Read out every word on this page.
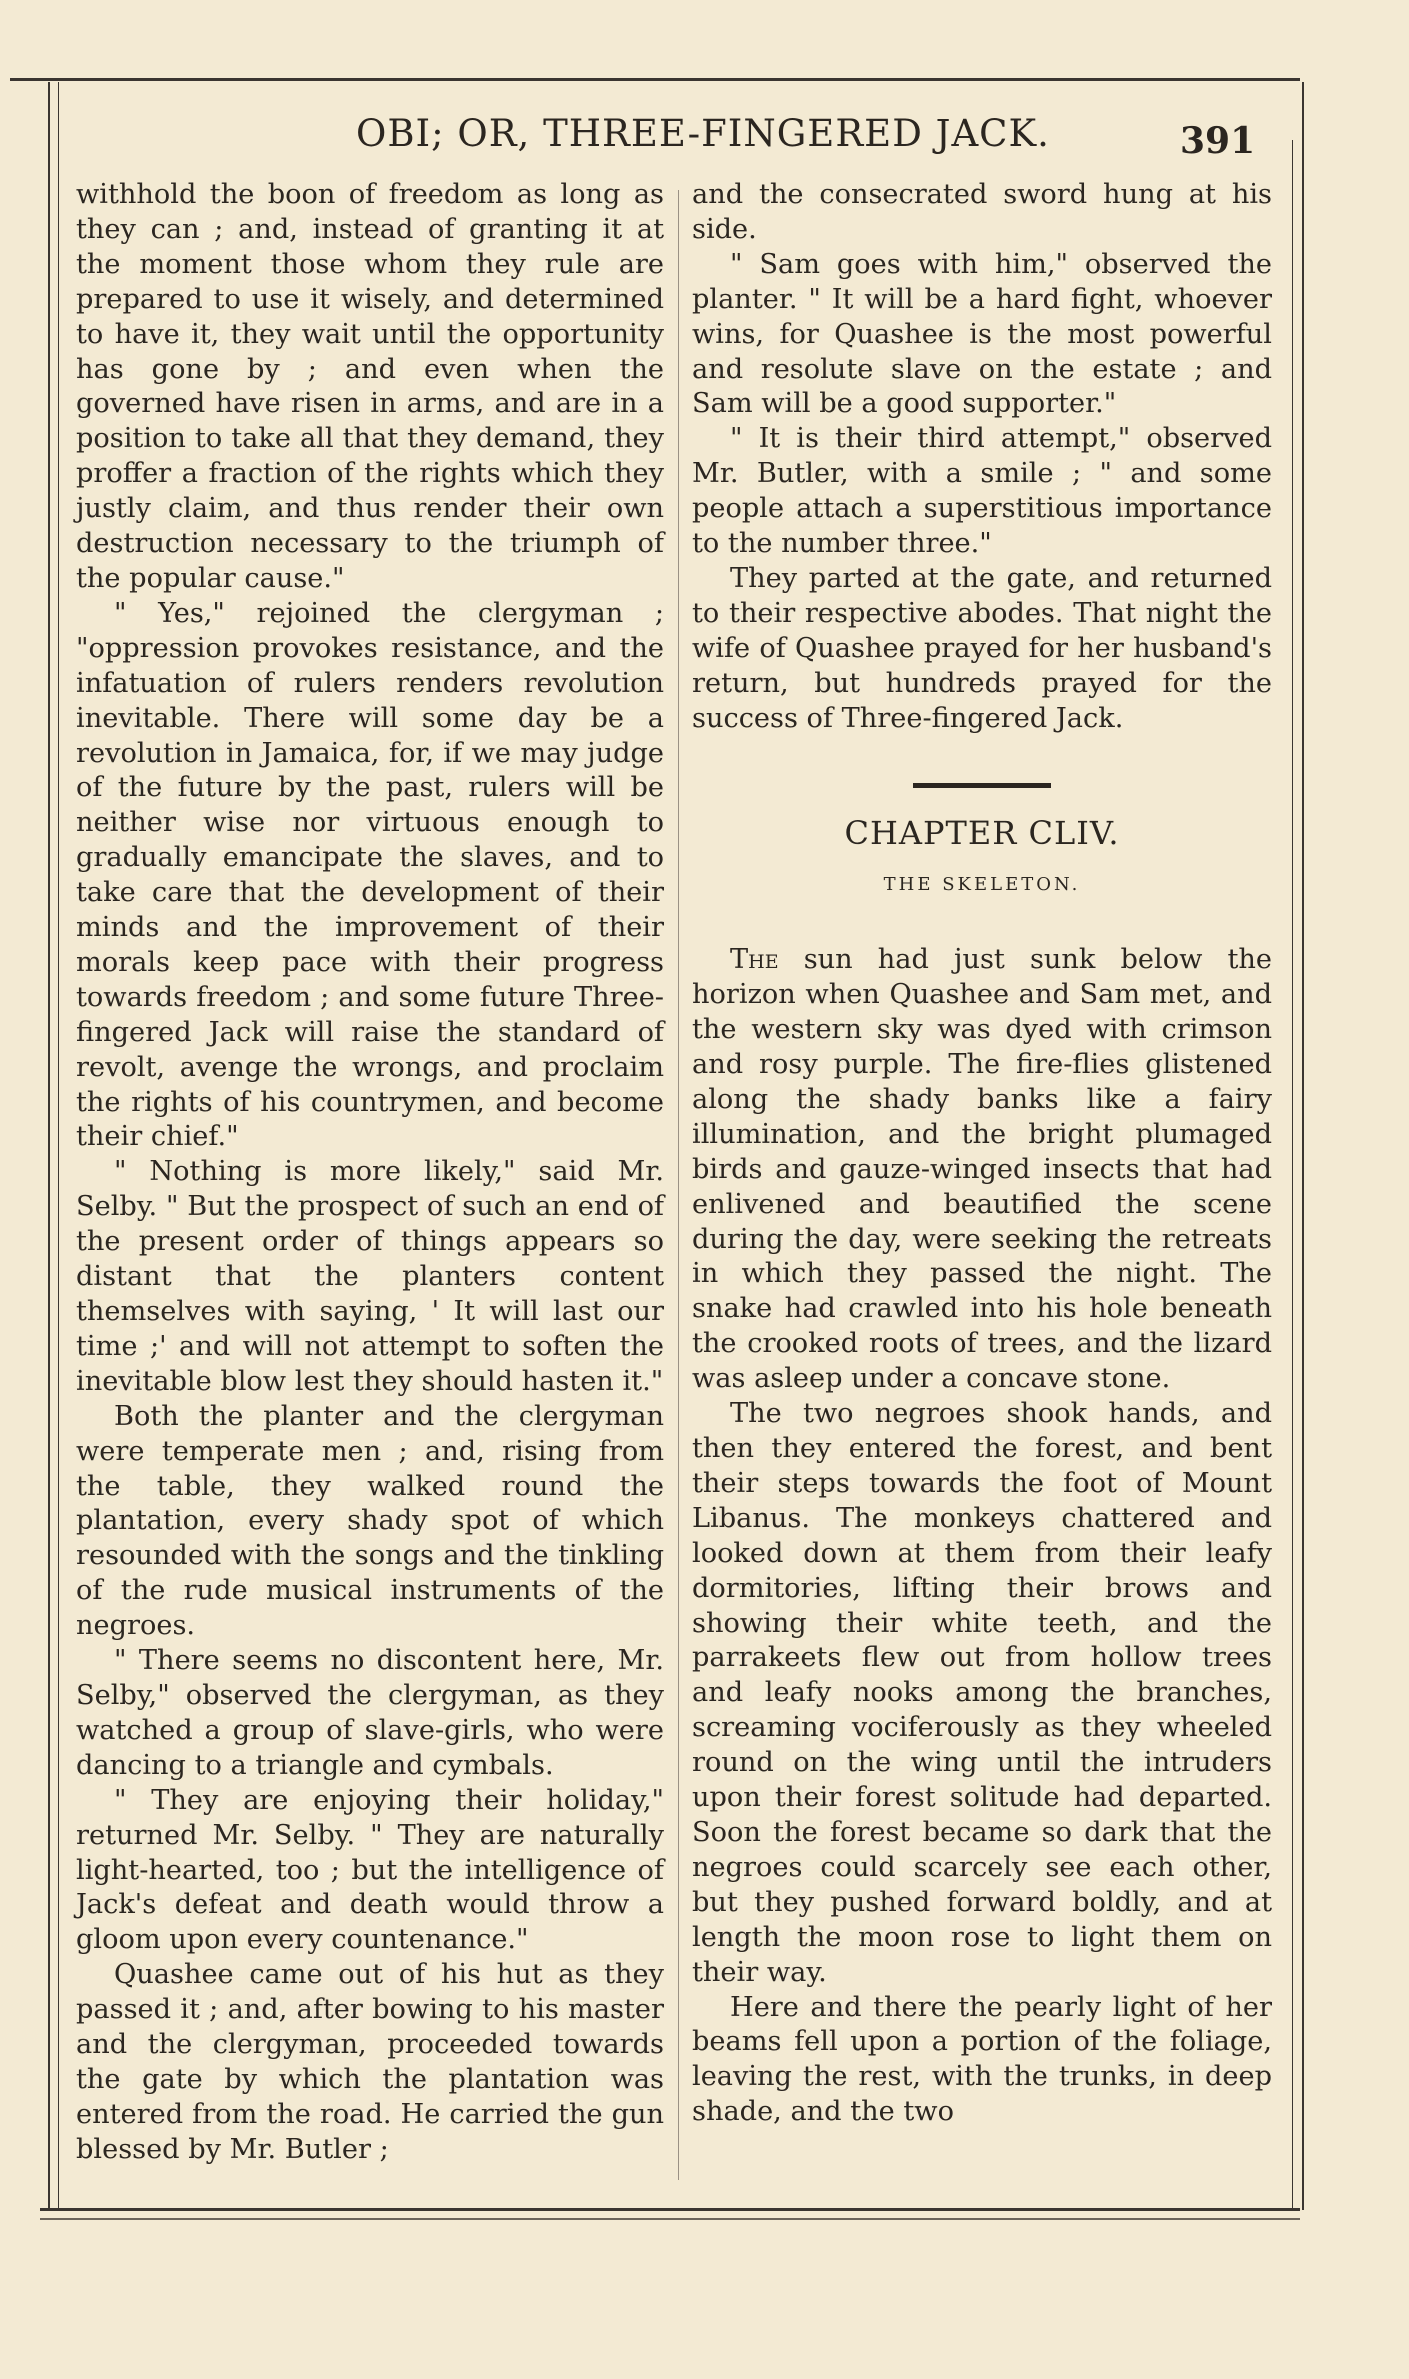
OBI; OR, THREE-FINGERED JACK.	391

withhold the boon of freedom as long as they can ; and, instead of granting it at the moment those whom they rule are prepared to use it wisely, and determined to have it, they wait until the opportunity has gone by ; and even when the governed have risen in arms, and are in a position to take all that they demand, they proffer a fraction of the rights which they justly claim, and thus render their own destruction necessary to the triumph of the popular cause."

" Yes," rejoined the clergyman ; "oppression provokes resistance, and the infatuation of rulers renders revolution inevitable. There will some day be a revolution in Jamaica, for, if we may judge of the future by the past, rulers will be neither wise nor virtuous enough to gradually emancipate the slaves, and to take care that the development of their minds and the improvement of their morals keep pace with their progress towards freedom ; and some future Three-fingered Jack will raise the standard of revolt, avenge the wrongs, and proclaim the rights of his countrymen, and become their chief."

" Nothing is more likely," said Mr. Selby. " But the prospect of such an end of the present order of things appears so distant that the planters content themselves with saying, ' It will last our time ;' and will not attempt to soften the inevitable blow lest they should hasten it."

Both the planter and the clergyman were temperate men ; and, rising from the table, they walked round the plantation, every shady spot of which resounded with the songs and the tinkling of the rude musical instruments of the negroes.

" There seems no discontent here, Mr. Selby," observed the clergyman, as they watched a group of slave-girls, who were dancing to a triangle and cymbals.

" They are enjoying their holiday," returned Mr. Selby. " They are naturally light-hearted, too ; but the intelligence of Jack's defeat and death would throw a gloom upon every countenance."

Quashee came out of his hut as they passed it ; and, after bowing to his master and the clergyman, proceeded towards the gate by which the plantation was entered from the road. He carried the gun blessed by Mr. Butler ;

and the consecrated sword hung at his side.

" Sam goes with him," observed the planter. " It will be a hard fight, whoever wins, for Quashee is the most powerful and resolute slave on the estate ; and Sam will be a good supporter."

" It is their third attempt," observed Mr. Butler, with a smile ; " and some people attach a superstitious importance to the number three."

They parted at the gate, and returned to their respective abodes. That night the wife of Quashee prayed for her husband's return, but hundreds prayed for the success of Three-fingered Jack.

CHAPTER CLIV.
THE SKELETON.

The sun had just sunk below the horizon when Quashee and Sam met, and the western sky was dyed with crimson and rosy purple. The fire-flies glistened along the shady banks like a fairy illumination, and the bright plumaged birds and gauze-winged insects that had enlivened and beautified the scene during the day, were seeking the retreats in which they passed the night. The snake had crawled into his hole beneath the crooked roots of trees, and the lizard was asleep under a concave stone.

The two negroes shook hands, and then they entered the forest, and bent their steps towards the foot of Mount Libanus. The monkeys chattered and looked down at them from their leafy dormitories, lifting their brows and showing their white teeth, and the parrakeets flew out from hollow trees and leafy nooks among the branches, screaming vociferously as they wheeled round on the wing until the intruders upon their forest solitude had departed. Soon the forest became so dark that the negroes could scarcely see each other, but they pushed forward boldly, and at length the moon rose to light them on their way.

Here and there the pearly light of her beams fell upon a portion of the foliage, leaving the rest, with the trunks, in deep shade, and the two
